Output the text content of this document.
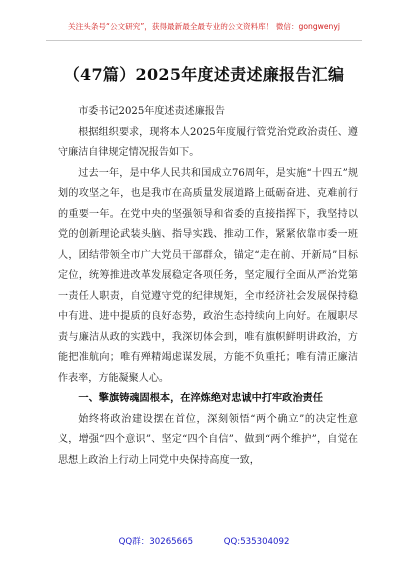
关注头条号“公文研究”，获得最新最全最专业的公文资料库！ 微信：gongwenyj
（47篇）2025年度述责述廉报告汇编

市委书记2025年度述责述廉报告

根据组织要求，现将本人2025年度履行管党治党政治责任、遵守廉洁自律规定情况报告如下。

过去一年，是中华人民共和国成立76周年，是实施“十四五”规划的攻坚之年，也是我市在高质量发展道路上砥砺奋进、克难前行的重要一年。在党中央的坚强领导和省委的直接指挥下，我坚持以党的创新理论武装头脑、指导实践、推动工作，紧紧依靠市委一班人，团结带领全市广大党员干部群众，锚定“走在前、开新局”目标定位，统筹推进改革发展稳定各项任务，坚定履行全面从严治党第一责任人职责，自觉遵守党的纪律规矩，全市经济社会发展保持稳中有进、进中提质的良好态势，政治生态持续向上向好。在履职尽责与廉洁从政的实践中，我深切体会到，唯有旗帜鲜明讲政治，方能把准航向；唯有殚精竭虑谋发展，方能不负重托；唯有清正廉洁作表率，方能凝聚人心。

一、擎旗铸魂固根本，在淬炼绝对忠诚中打牢政治责任

始终将政治建设摆在首位，深刻领悟“两个确立”的决定性意义，增强“四个意识”、坚定“四个自信”、做到“两个维护”，自觉在思想上政治上行动上同党中央保持高度一致，

QQ群：30265665	QQ:535304092
